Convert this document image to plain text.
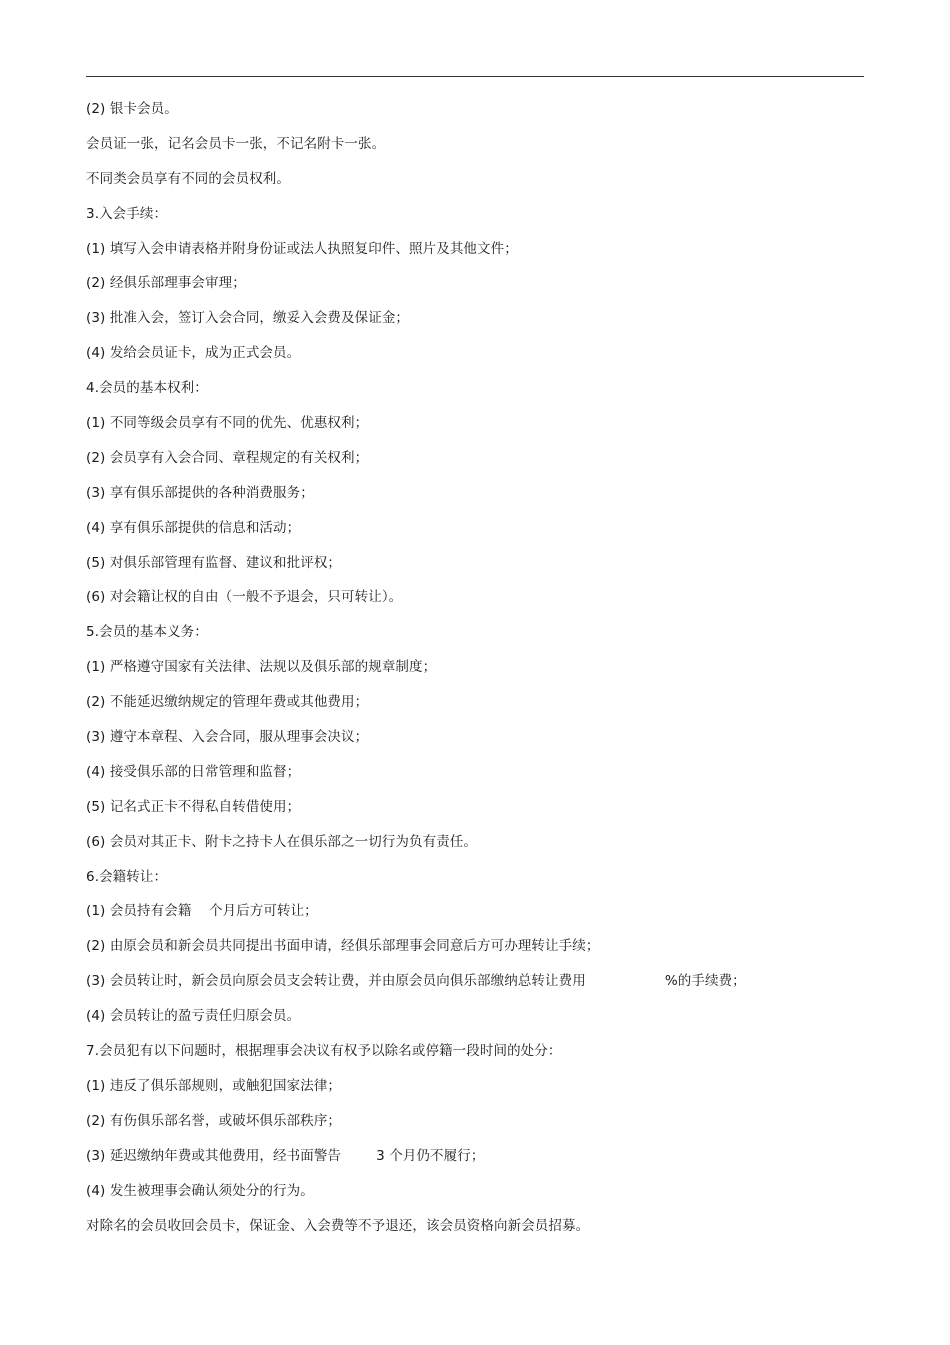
(2) 银卡会员。
会员证一张，记名会员卡一张，不记名附卡一张。
不同类会员享有不同的会员权利。
3.入会手续：
(1) 填写入会申请表格并附身份证或法人执照复印件、照片及其他文件；
(2) 经俱乐部理事会审理；
(3) 批准入会，签订入会合同，缴妥入会费及保证金；
(4) 发给会员证卡，成为正式会员。
4.会员的基本权利：
(1) 不同等级会员享有不同的优先、优惠权利；
(2) 会员享有入会合同、章程规定的有关权利；
(3) 享有俱乐部提供的各种消费服务；
(4) 享有俱乐部提供的信息和活动；
(5) 对俱乐部管理有监督、建议和批评权；
(6) 对会籍让权的自由（一般不予退会，只可转让）。
5.会员的基本义务：
(1) 严格遵守国家有关法律、法规以及俱乐部的规章制度；
(2) 不能延迟缴纳规定的管理年费或其他费用；
(3) 遵守本章程、入会合同，服从理事会决议；
(4) 接受俱乐部的日常管理和监督；
(5) 记名式正卡不得私自转借使用；
(6) 会员对其正卡、附卡之持卡人在俱乐部之一切行为负有责任。
6.会籍转让：
(1) 会员持有会籍    个月后方可转让；
(2) 由原会员和新会员共同提出书面申请，经俱乐部理事会同意后方可办理转让手续；
(3) 会员转让时，新会员向原会员支会转让费，并由原会员向俱乐部缴纳总转让费用                  %的手续费；
(4) 会员转让的盈亏责任归原会员。
7.会员犯有以下问题时，根据理事会决议有权予以除名或停籍一段时间的处分：
(1) 违反了俱乐部规则，或触犯国家法律；
(2) 有伤俱乐部名誉，或破坏俱乐部秩序；
(3) 延迟缴纳年费或其他费用，经书面警告        3 个月仍不履行；
(4) 发生被理事会确认须处分的行为。
对除名的会员收回会员卡，保证金、入会费等不予退还，该会员资格向新会员招募。
